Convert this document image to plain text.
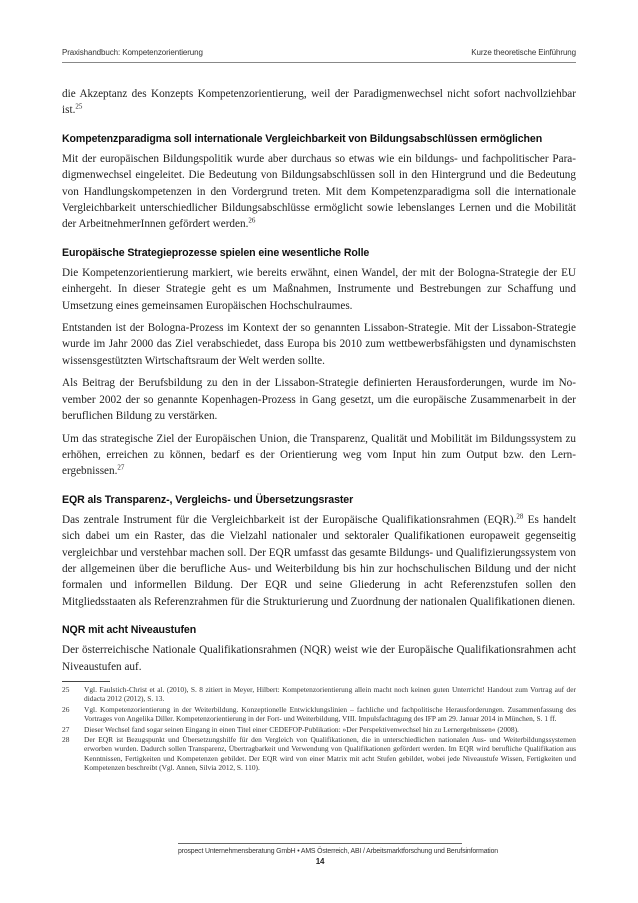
Praxishandbuch: Kompetenzorientierung	Kurze theoretische Einführung

die Akzeptanz des Konzepts Kompetenzorientierung, weil der Paradigmenwechsel nicht sofort nachvollziehbar ist.$^{25}$

Kompetenzparadigma soll internationale Vergleichbarkeit von Bildungsabschlüssen ermöglichen

Mit der europäischen Bildungspolitik wurde aber durchaus so etwas wie ein bildungs- und fachpolitischer Paradigmenwechsel eingeleitet. Die Bedeutung von Bildungsabschlüssen soll in den Hintergrund und die Bedeutung von Handlungskompetenzen in den Vordergrund treten. Mit dem Kompetenzparadigma soll die internationale Vergleichbarkeit unterschiedlicher Bildungsabschlüsse ermöglicht sowie lebenslanges Lernen und die Mobilität der ArbeitnehmerInnen gefördert werden.$^{26}$

Europäische Strategieprozesse spielen eine wesentliche Rolle

Die Kompetenzorientierung markiert, wie bereits erwähnt, einen Wandel, der mit der Bologna-Strategie der EU einhergeht. In dieser Strategie geht es um Maßnahmen, Instrumente und Bestrebungen zur Schaffung und Umsetzung eines gemeinsamen Europäischen Hochschulraumes.

Entstanden ist der Bologna-Prozess im Kontext der so genannten Lissabon-Strategie. Mit der Lissabon-Strategie wurde im Jahr 2000 das Ziel verabschiedet, dass Europa bis 2010 zum wettbewerbsfähigsten und dynamischsten wissensgestützten Wirtschaftsraum der Welt werden sollte.

Als Beitrag der Berufsbildung zu den in der Lissabon-Strategie definierten Herausforderungen, wurde im November 2002 der so genannte Kopenhagen-Prozess in Gang gesetzt, um die europäische Zusammenarbeit in der beruflichen Bildung zu verstärken.

Um das strategische Ziel der Europäischen Union, die Transparenz, Qualität und Mobilität im Bildungssystem zu erhöhen, erreichen zu können, bedarf es der Orientierung weg vom Input hin zum Output bzw. den Lernergebnissen.$^{27}$

EQR als Transparenz-, Vergleichs- und Übersetzungsraster

Das zentrale Instrument für die Vergleichbarkeit ist der Europäische Qualifikationsrahmen (EQR).$^{28}$ Es handelt sich dabei um ein Raster, das die Vielzahl nationaler und sektoraler Qualifikationen europaweit gegenseitig vergleichbar und verstehbar machen soll. Der EQR umfasst das gesamte Bildungs- und Qualifizierungssystem von der allgemeinen über die berufliche Aus- und Weiterbildung bis hin zur hochschulischen Bildung und der nicht formalen und informellen Bildung. Der EQR und seine Gliederung in acht Referenzstufen sollen den Mitgliedsstaaten als Referenzrahmen für die Strukturierung und Zuordnung der nationalen Qualifikationen dienen.

NQR mit acht Niveaustufen

Der österreichische Nationale Qualifikationsrahmen (NQR) weist wie der Europäische Qualifikationsrahmen acht Niveaustufen auf.

25	Vgl. Faulstich-Christ et al. (2010), S. 8 zitiert in Meyer, Hilbert: Kompetenzorientierung allein macht noch keinen guten Unterricht! Handout zum Vortrag auf der didacta 2012 (2012), S. 13.
26	Vgl. Kompetenzorientierung in der Weiterbildung. Konzeptionelle Entwicklungslinien – fachliche und fachpolitische Herausforderungen. Zusammenfassung des Vortrages von Angelika Diller. Kompetenzorientierung in der Fort- und Weiterbildung, VIII. Impulsfachtagung des IFP am 29. Januar 2014 in München, S. 1 ff.
27	Dieser Wechsel fand sogar seinen Eingang in einen Titel einer CEDEFOP-Publikation: »Der Perspektivenwechsel hin zu Lernergebnissen« (2008).
28	Der EQR ist Bezugspunkt und Übersetzungshilfe für den Vergleich von Qualifikationen, die in unterschiedlichen nationalen Aus- und Weiterbildungssystemen erworben wurden. Dadurch sollen Transparenz, Übertragbarkeit und Verwendung von Qualifikationen gefördert werden. Im EQR wird berufliche Qualifikation aus Kenntnissen, Fertigkeiten und Kompetenzen gebildet. Der EQR wird von einer Matrix mit acht Stufen gebildet, wobei jede Niveaustufe Wissen, Fertigkeiten und Kompetenzen beschreibt (Vgl. Annen, Silvia 2012, S. 110).
prospect Unternehmensberatung GmbH • AMS Österreich, ABI / Arbeitsmarktforschung und Berufsinformation
14
